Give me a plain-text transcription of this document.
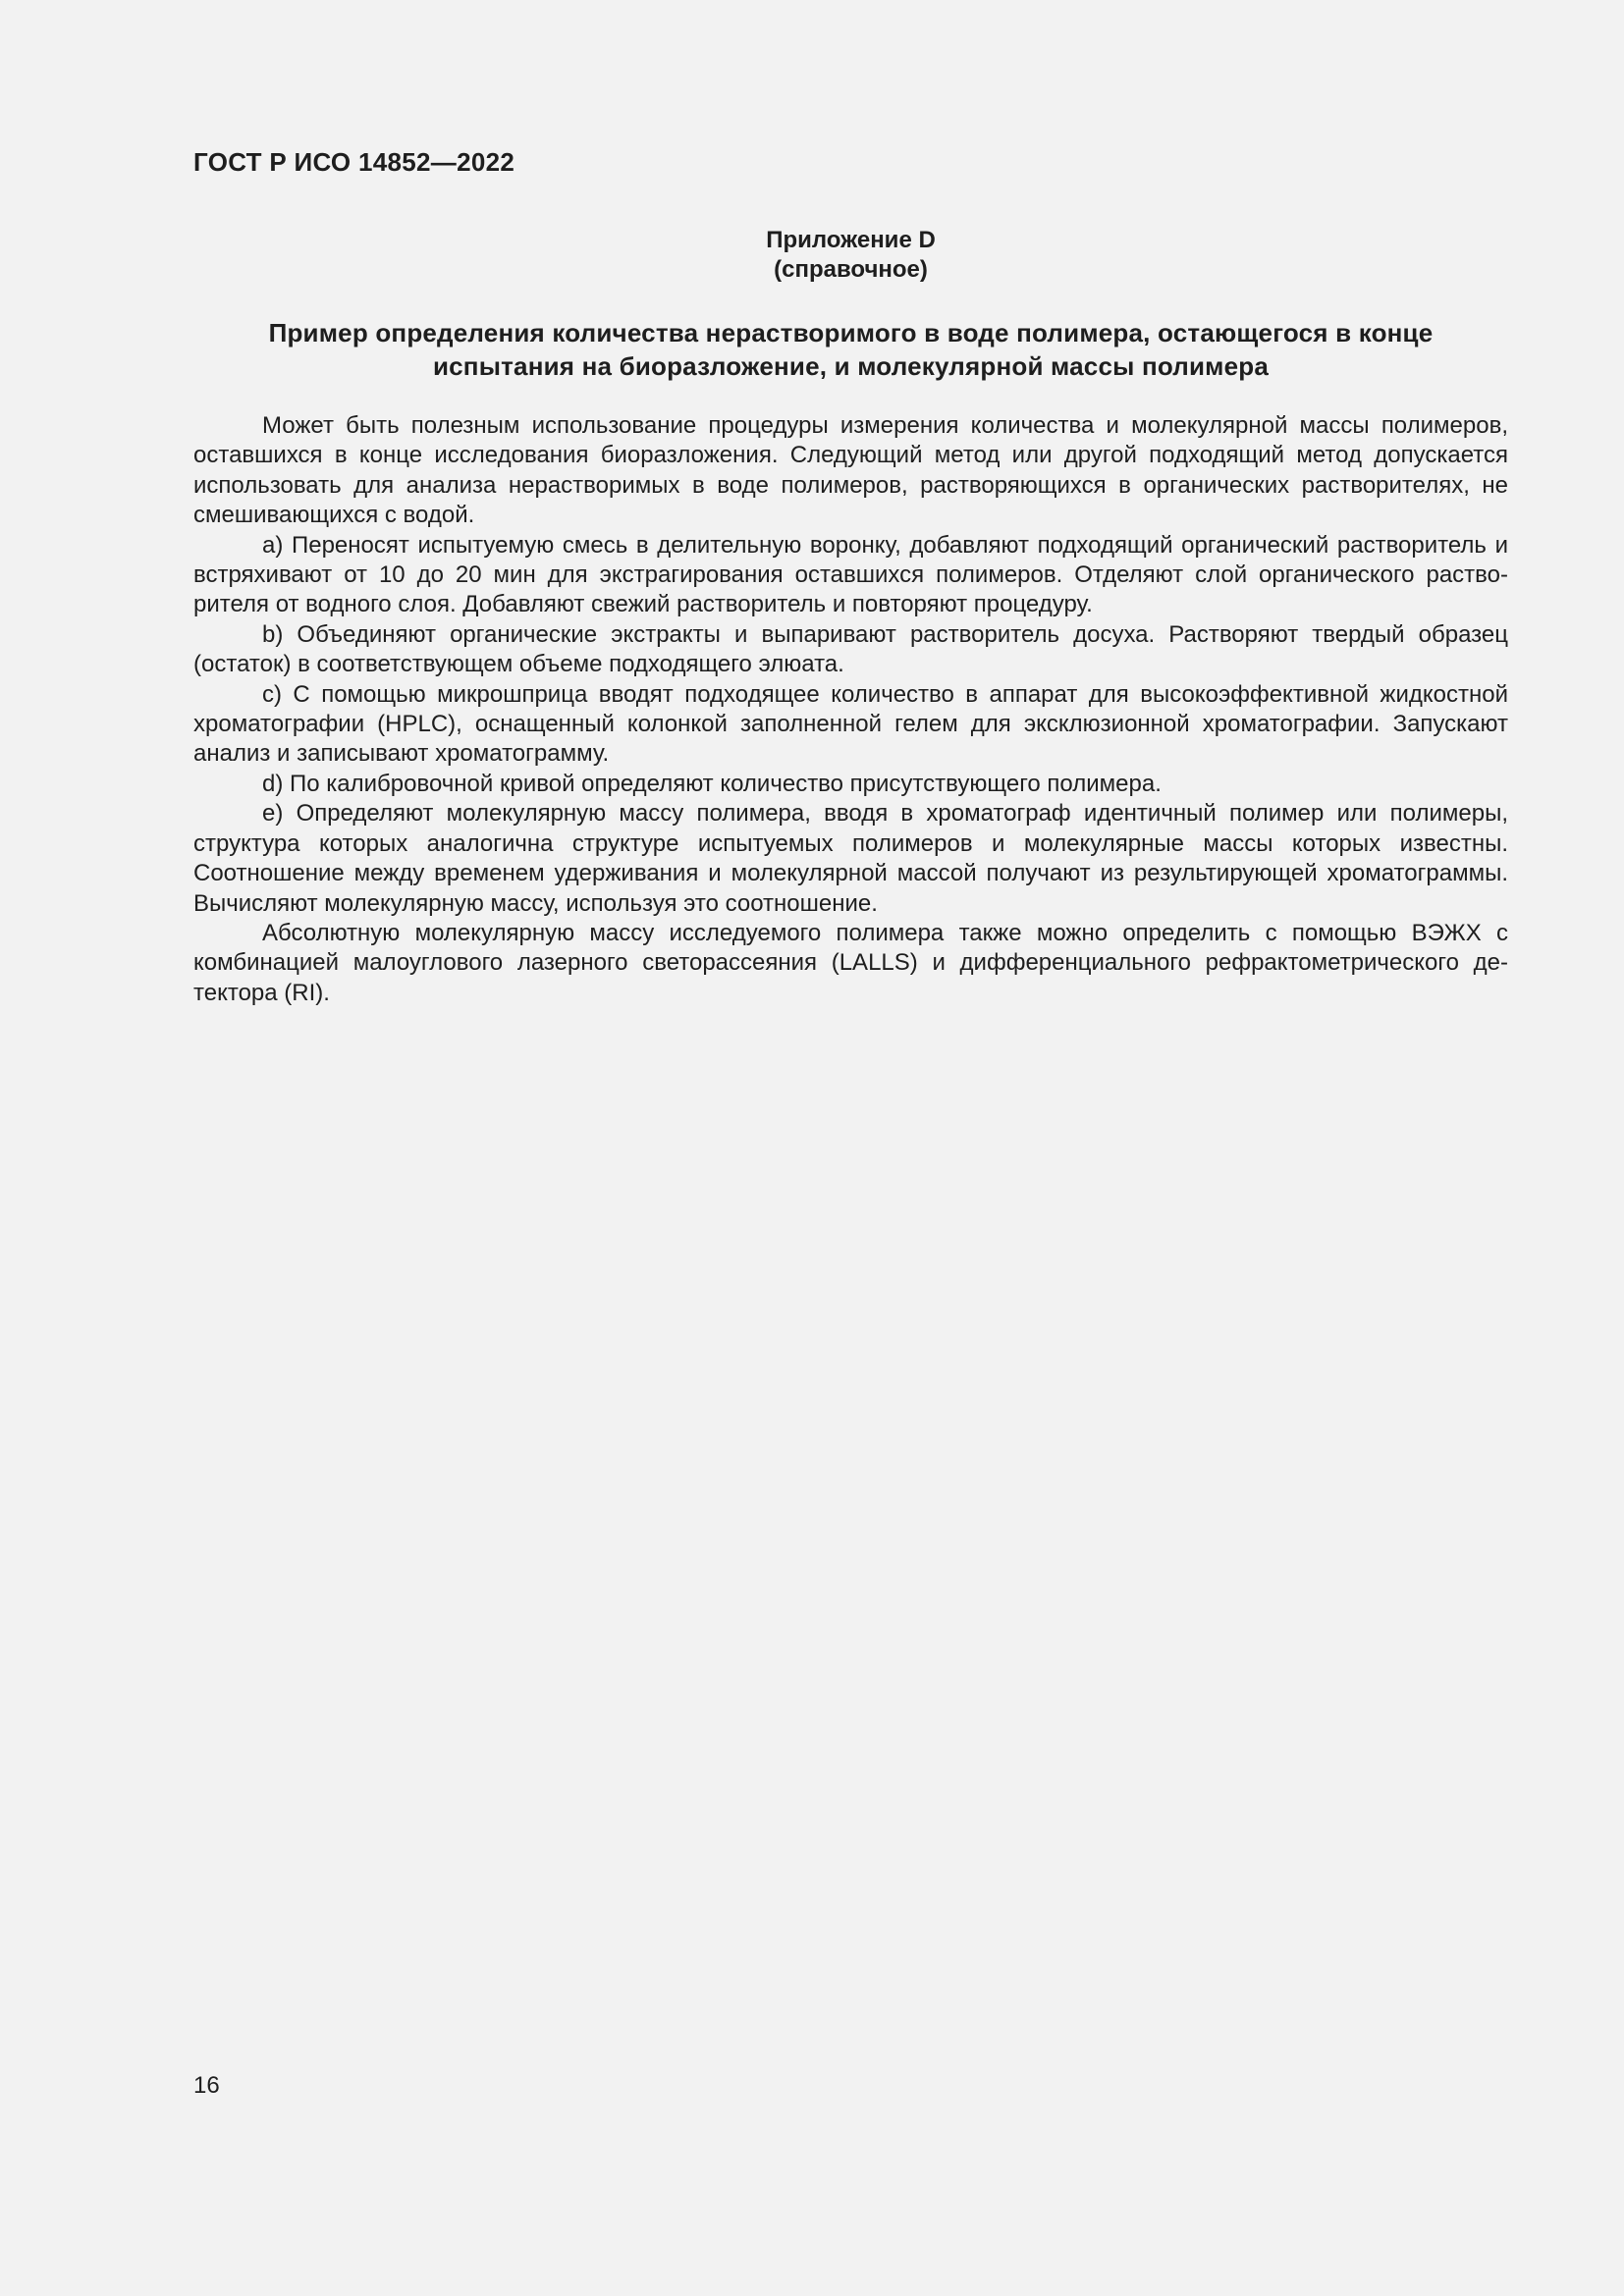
ГОСТ Р ИСО 14852—2022
Приложение D
(справочное)
Пример определения количества нерастворимого в воде полимера, остающегося в конце
испытания на биоразложение, и молекулярной массы полимера

Может быть полезным использование процедуры измерения количества и молекулярной массы полимеров, оставшихся в конце исследования биоразложения. Следующий метод или другой подходящий метод допускается использовать для анализа нерастворимых в воде полимеров, растворяющихся в органических растворителях, не смешивающихся с водой.

a) Переносят испытуемую смесь в делительную воронку, добавляют подходящий органический растворитель и встряхивают от 10 до 20 мин для экстрагирования оставшихся полимеров. Отделяют слой органического растворителя от водного слоя. Добавляют свежий растворитель и повторяют процедуру.

b) Объединяют органические экстракты и выпаривают растворитель досуха. Растворяют твердый образец (остаток) в соответствующем объеме подходящего элюата.

c) С помощью микрошприца вводят подходящее количество в аппарат для высокоэффективной жидкостной хроматографии (HPLC), оснащенный колонкой заполненной гелем для эксклюзионной хроматографии. Запускают анализ и записывают хроматограмму.

d) По калибровочной кривой определяют количество присутствующего полимера.

e) Определяют молекулярную массу полимера, вводя в хроматограф идентичный полимер или полимеры, структура которых аналогична структуре испытуемых полимеров и молекулярные массы которых известны. Соотношение между временем удерживания и молекулярной массой получают из результирующей хроматограммы. Вычисляют молекулярную массу, используя это соотношение.

Абсолютную молекулярную массу исследуемого полимера также можно определить с помощью ВЭЖХ с комбинацией малоуглового лазерного светорассеяния (LALLS) и дифференциального рефрактометрического детектора (RI).

16
